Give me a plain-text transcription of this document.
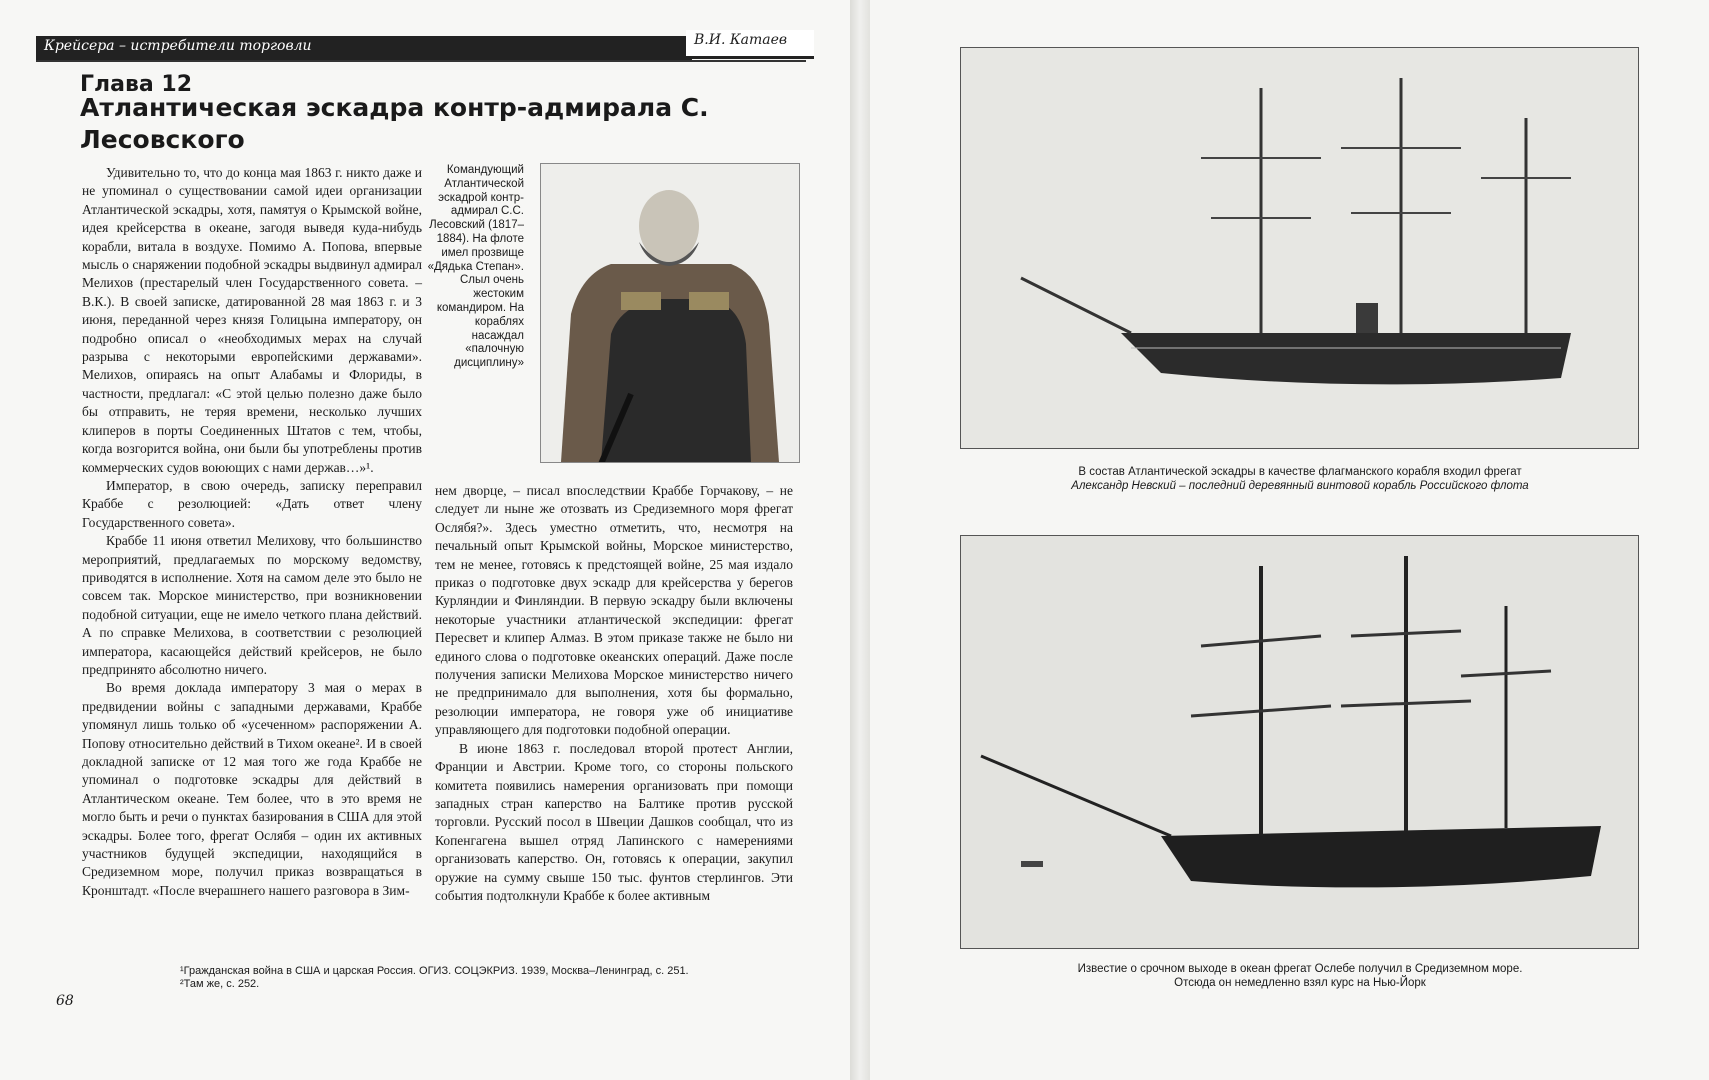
Крейсера – истребители торговли	В.И. Катаев
Глава 12
Атлантическая эскадра контр-адмирала С. Лесовского

Удивительно то, что до конца мая 1863 г. никто даже и не упоминал о существовании самой идеи организации Атлантической эскадры, хотя, памятуя о Крымской войне, идея крейсерства в океане, загодя выведя куда-нибудь корабли, витала в воздухе. Помимо А. Попова, впервые мысль о снаряжении подобной эскадры выдвинул адмирал Мелихов (престарелый член Государственного совета. – В.К.). В своей записке, датированной 28 мая 1863 г. и 3 июня, переданной через князя Голицына императору, он подробно описал о «необходимых мерах на случай разрыва с некоторыми европейскими державами». Мелихов, опираясь на опыт Алабамы и Флориды, в частности, предлагал: «С этой целью полезно даже было бы отправить, не теряя времени, несколько лучших клиперов в порты Соединенных Штатов с тем, чтобы, когда возгорится война, они были бы употреблены против коммерческих судов воюющих с нами держав…»¹.

Император, в свою очередь, записку переправил Краббе с резолюцией: «Дать ответ члену Государственного совета».

Краббе 11 июня ответил Мелихову, что большинство мероприятий, предлагаемых по морскому ведомству, приводятся в исполнение. Хотя на самом деле это было не совсем так. Морское министерство, при возникновении подобной ситуации, еще не имело четкого плана действий. А по справке Мелихова, в соответствии с резолюцией императора, касающейся действий крейсеров, не было предпринято абсолютно ничего.

Во время доклада императору 3 мая о мерах в предвидении войны с западными державами, Краббе упомянул лишь только об «усеченном» распоряжении А. Попову относительно действий в Тихом океане². И в своей докладной записке от 12 мая того же года Краббе не упоминал о подготовке эскадры для действий в Атлантическом океане. Тем более, что в это время не могло быть и речи о пунктах базирования в США для этой эскадры. Более того, фрегат Ослябя – один их активных участников будущей экспедиции, находящийся в Средиземном море, получил приказ возвращаться в Кронштадт. «После вчерашнего нашего разговора в Зим-

Командующий Атлантической эскадрой контр-адмирал С.С. Лесовский (1817–1884). На флоте имел прозвище «Дядька Степан». Слыл очень жестоким командиром. На кораблях насаждал «палочную дисциплину»

нем дворце, – писал впоследствии Краббе Горчакову, – не следует ли ныне же отозвать из Средиземного моря фрегат Ослябя?». Здесь уместно отметить, что, несмотря на печальный опыт Крымской войны, Морское министерство, тем не менее, готовясь к предстоящей войне, 25 мая издало приказ о подготовке двух эскадр для крейсерства у берегов Курляндии и Финляндии. В первую эскадру были включены некоторые участники атлантической экспедиции: фрегат Пересвет и клипер Алмаз. В этом приказе также не было ни единого слова о подготовке океанских операций. Даже после получения записки Мелихова Морское министерство ничего не предпринимало для выполнения, хотя бы формально, резолюции императора, не говоря уже об инициативе управляющего для подготовки подобной операции.

В июне 1863 г. последовал второй протест Англии, Франции и Австрии. Кроме того, со стороны польского комитета появились намерения организовать при помощи западных стран каперство на Балтике против русской торговли. Русский посол в Швеции Дашков сообщал, что из Копенгагена вышел отряд Лапинского с намерениями организовать каперство. Он, готовясь к операции, закупил оружие на сумму свыше 150 тыс. фунтов стерлингов. Эти события подтолкнули Краббе к более активным

¹Гражданская война в США и царская Россия. ОГИЗ. СОЦЭКРИЗ. 1939, Москва–Ленинград, с. 251.
²Там же, с. 252.
68
В состав Атлантической эскадры в качестве флагманского корабля входил фрегат
Александр Невский – последний деревянный винтовой корабль Российского флота
Известие о срочном выходе в океан фрегат Ослебе получил в Средиземном море.
Отсюда он немедленно взял курс на Нью-Йорк
